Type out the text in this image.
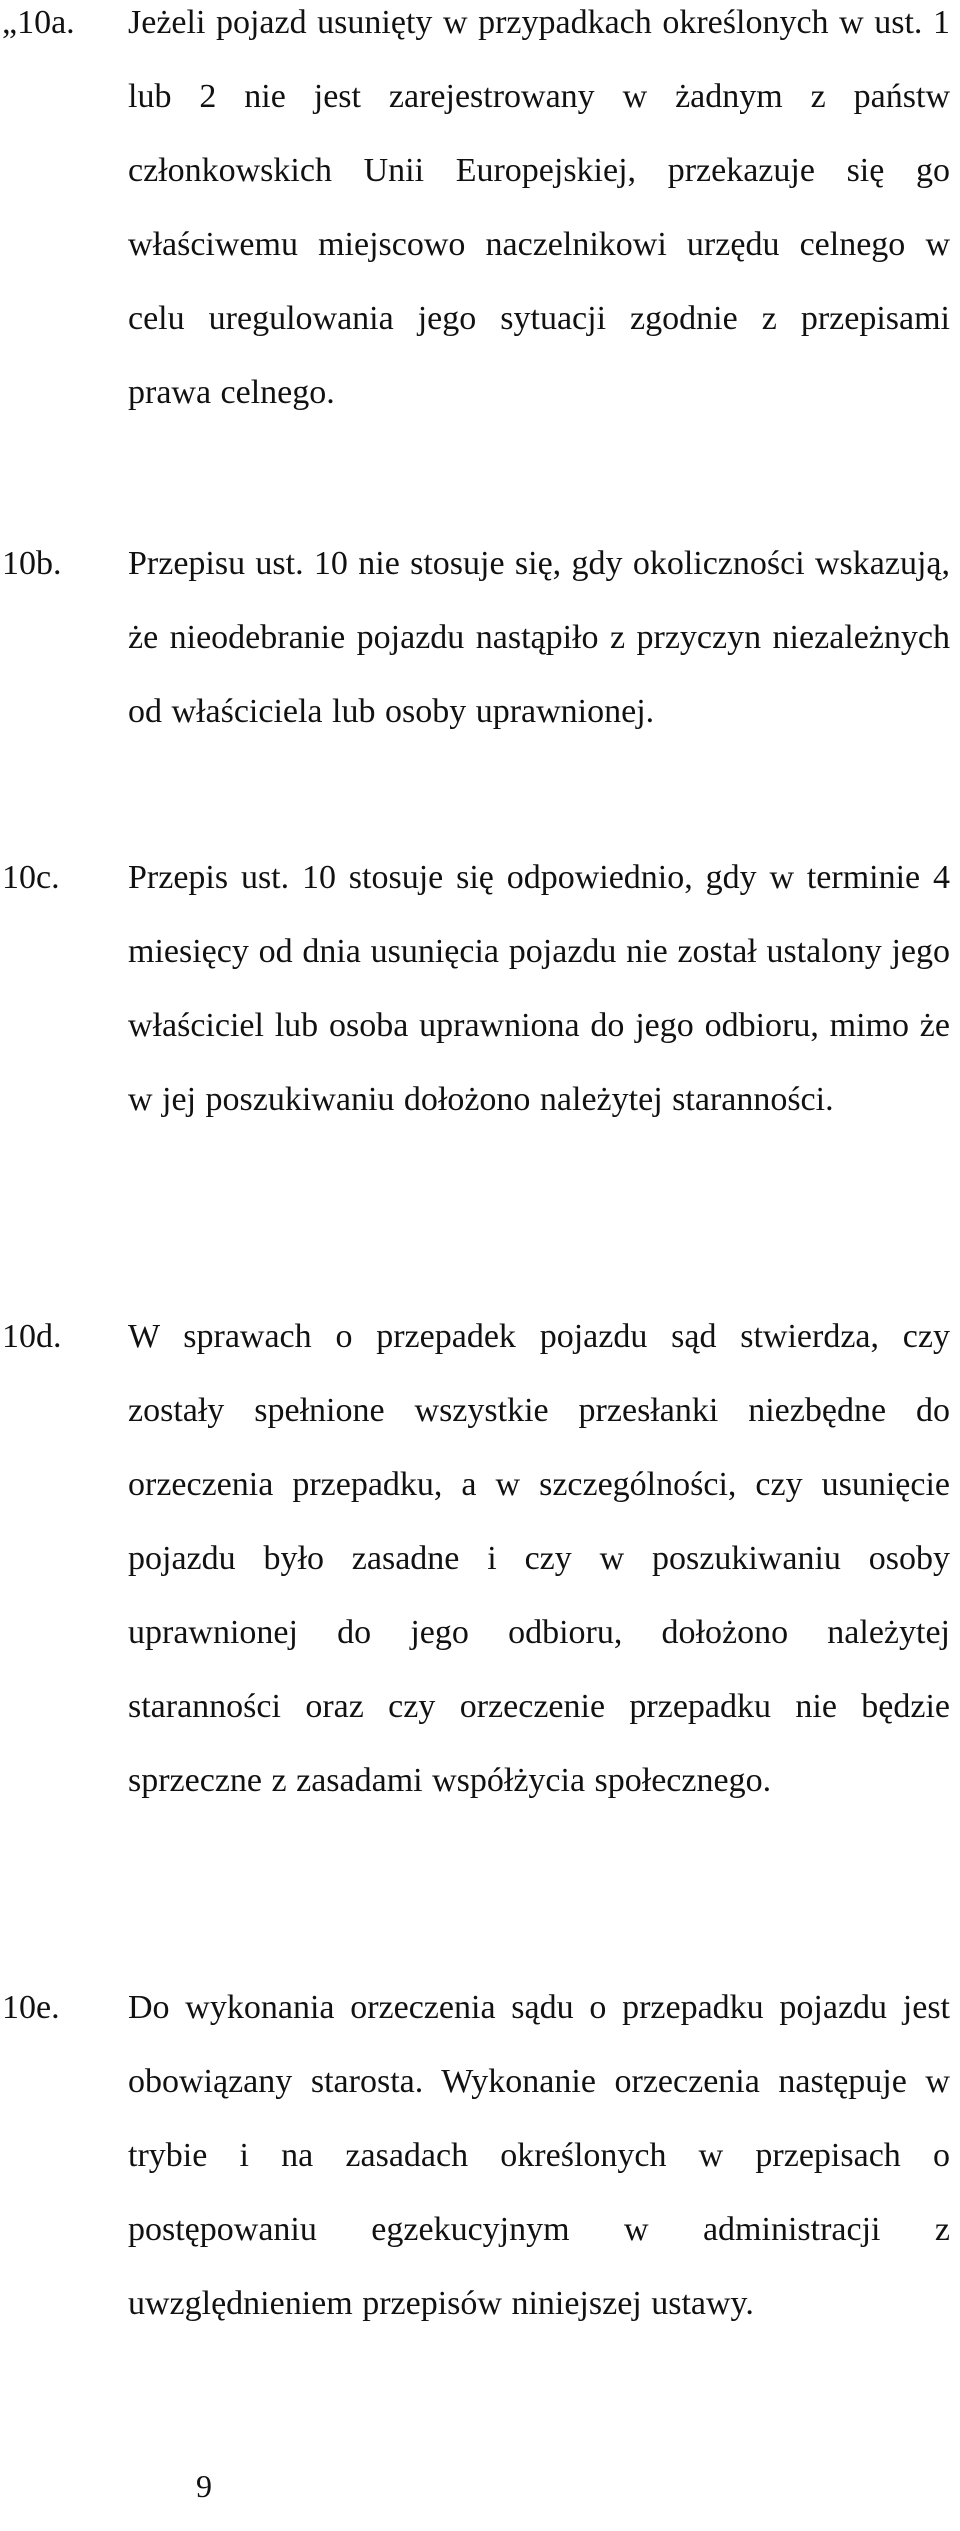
„10a. Jeżeli pojazd usunięty w przypadkach określonych w ust. 1 lub 2 nie jest zarejestrowany w żadnym z państw członkowskich Unii Europejskiej, przekazuje się go właściwemu miejscowo naczelnikowi urzędu celnego w celu uregulowania jego sytuacji zgodnie z przepisami prawa celnego.
10b. Przepisu ust. 10 nie stosuje się, gdy okoliczności wskazują, że nieodebranie pojazdu nastąpiło z przyczyn niezależnych od właściciela lub osoby uprawnionej.
10c. Przepis ust. 10 stosuje się odpowiednio, gdy w terminie 4 miesięcy od dnia usunięcia pojazdu nie został ustalony jego właściciel lub osoba uprawniona do jego odbioru, mimo że w jej poszukiwaniu dołożono należytej staranności.
10d. W sprawach o przepadek pojazdu sąd stwierdza, czy zostały spełnione wszystkie przesłanki niezbędne do orzeczenia przepadku, a w szczególności, czy usunięcie pojazdu było zasadne i czy w poszukiwaniu osoby uprawnionej do jego odbioru, dołożono należytej staranności oraz czy orzeczenie przepadku nie będzie sprzeczne z zasadami współżycia społecznego.
10e. Do wykonania orzeczenia sądu o przepadku pojazdu jest obowiązany starosta. Wykonanie orzeczenia następuje w trybie i na zasadach określonych w przepisach o postępowaniu egzekucyjnym w administracji z uwzględnieniem przepisów niniejszej ustawy.
9
